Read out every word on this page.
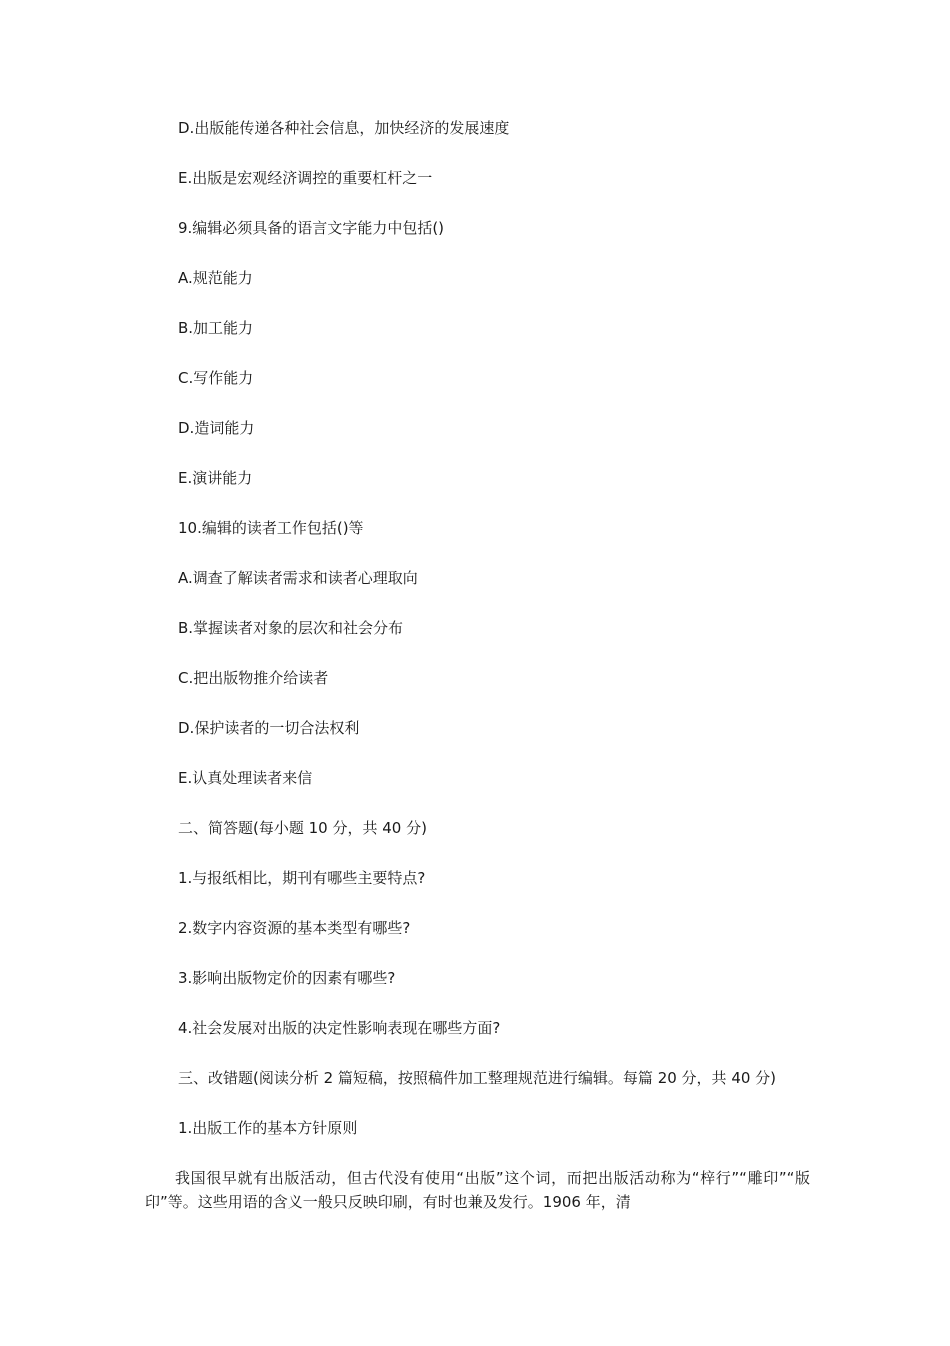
D.出版能传递各种社会信息，加快经济的发展速度
E.出版是宏观经济调控的重要杠杆之一
9.编辑必须具备的语言文字能力中包括()
A.规范能力
B.加工能力
C.写作能力
D.造词能力
E.演讲能力
10.编辑的读者工作包括()等
A.调查了解读者需求和读者心理取向
B.掌握读者对象的层次和社会分布
C.把出版物推介给读者
D.保护读者的一切合法权利
E.认真处理读者来信
二、简答题(每小题 10 分，共 40 分)
1.与报纸相比，期刊有哪些主要特点?
2.数字内容资源的基本类型有哪些?
3.影响出版物定价的因素有哪些?
4.社会发展对出版的决定性影响表现在哪些方面?
三、改错题(阅读分析 2 篇短稿，按照稿件加工整理规范进行编辑。每篇 20 分，共 40 分)
1.出版工作的基本方针原则
我国很早就有出版活动，但古代没有使用“出版”这个词，而把出版活动称为“梓行”“雕印”“版印”等。这些用语的含义一般只反映印刷，有时也兼及发行。1906 年，清
